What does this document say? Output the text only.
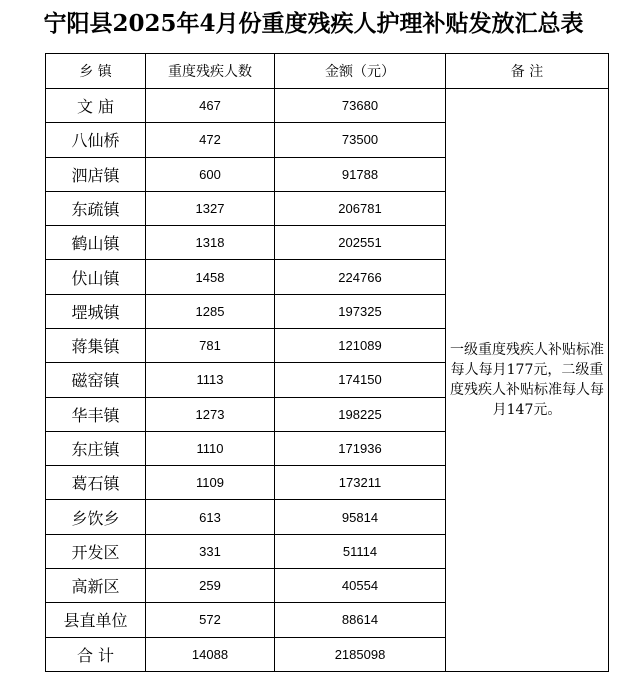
宁阳县2025年4月份重度残疾人护理补贴发放汇总表
乡 镇	重度残疾人数	金额（元）	备 注
文 庙	467	73680	一级重度残疾人补贴标准每人每月177元，二级重度残疾人补贴标准每人每月147元。
八仙桥	472	73500	
泗店镇	600	91788	
东疏镇	1327	206781	
鹤山镇	1318	202551	
伏山镇	1458	224766	
堽城镇	1285	197325	
蒋集镇	781	121089	
磁窑镇	1113	174150	
华丰镇	1273	198225	
东庄镇	1110	171936	
葛石镇	1109	173211	
乡饮乡	613	95814	
开发区	331	51114	
高新区	259	40554	
县直单位	572	88614	
合 计	14088	2185098	
